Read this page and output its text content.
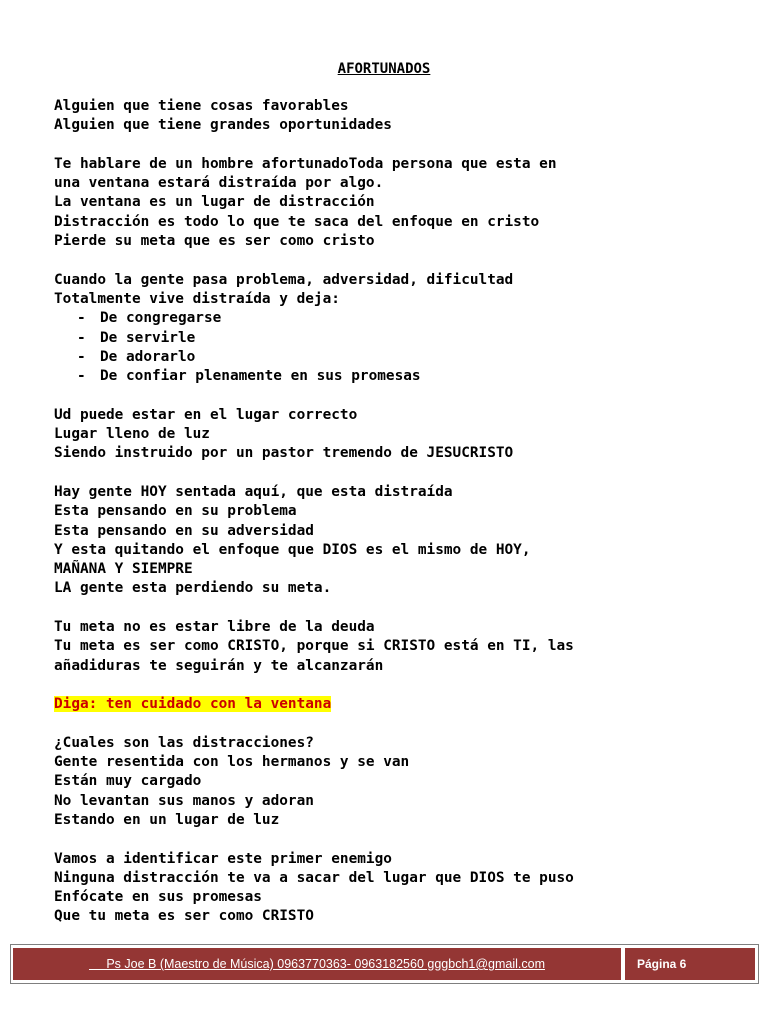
AFORTUNADOS
Alguien que tiene cosas favorables
Alguien que tiene grandes oportunidades
Te hablare de un hombre afortunadoToda persona que esta en
una ventana estará distraída por algo.
La ventana es un lugar de distracción
Distracción es todo lo que te saca del enfoque en cristo
Pierde su meta que es ser como cristo
Cuando la gente pasa problema, adversidad, dificultad
Totalmente vive distraída y deja:
- De congregarse
- De servirle
- De adorarlo
- De confiar plenamente en sus promesas
Ud puede estar en el lugar correcto
Lugar lleno de luz
Siendo instruido por un pastor tremendo de JESUCRISTO
Hay gente HOY sentada aquí, que esta distraída
Esta pensando en su problema
Esta pensando en su adversidad
Y esta quitando el enfoque que DIOS es el mismo de HOY,
MAÑANA Y SIEMPRE
LA gente esta perdiendo su meta.
Tu meta no es estar libre de la deuda
Tu meta es ser como CRISTO, porque si CRISTO está en TI, las
añadiduras te seguirán y te alcanzarán
Diga: ten cuidado con la ventana
¿Cuales son las distracciones?
Gente resentida con los hermanos y se van
Están muy cargado
No levantan sus manos y adoran
Estando en un lugar de luz
Vamos a identificar este primer enemigo
Ninguna distracción te va a sacar del lugar que DIOS te puso
Enfócate en sus promesas
Que tu meta es ser como CRISTO
Ps Joe B (Maestro de Música) 0963770363- 0963182560 gggbch1@gmail.com	Página 6
